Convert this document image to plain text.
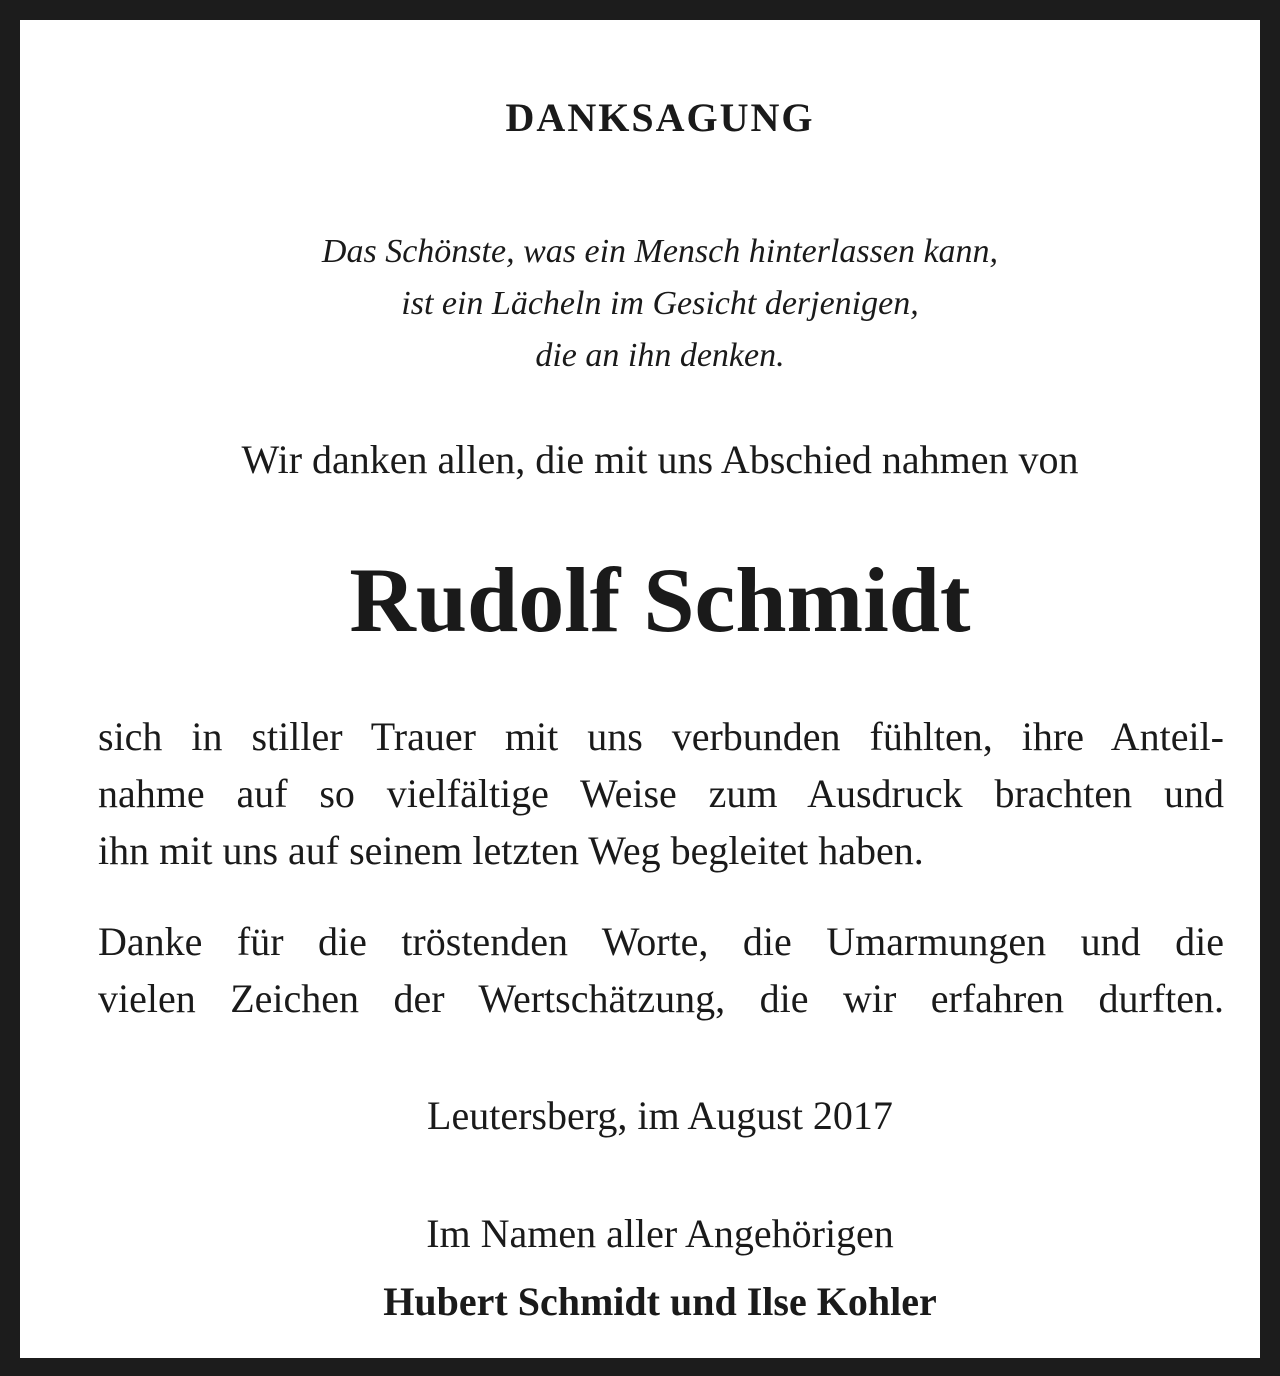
DANKSAGUNG
Das Schönste, was ein Mensch hinterlassen kann,
ist ein Lächeln im Gesicht derjenigen,
die an ihn denken.

Wir danken allen, die mit uns Abschied nahmen von

Rudolf Schmidt

sich in stiller Trauer mit uns verbunden fühlten, ihre Anteil-
nahme auf so vielfältige Weise zum Ausdruck brachten und
ihn mit uns auf seinem letzten Weg begleitet haben.

Danke für die tröstenden Worte, die Umarmungen und die
vielen Zeichen der Wertschätzung, die wir erfahren durften.

Leutersberg, im August 2017

Im Namen aller Angehörigen

Hubert Schmidt und Ilse Kohler
